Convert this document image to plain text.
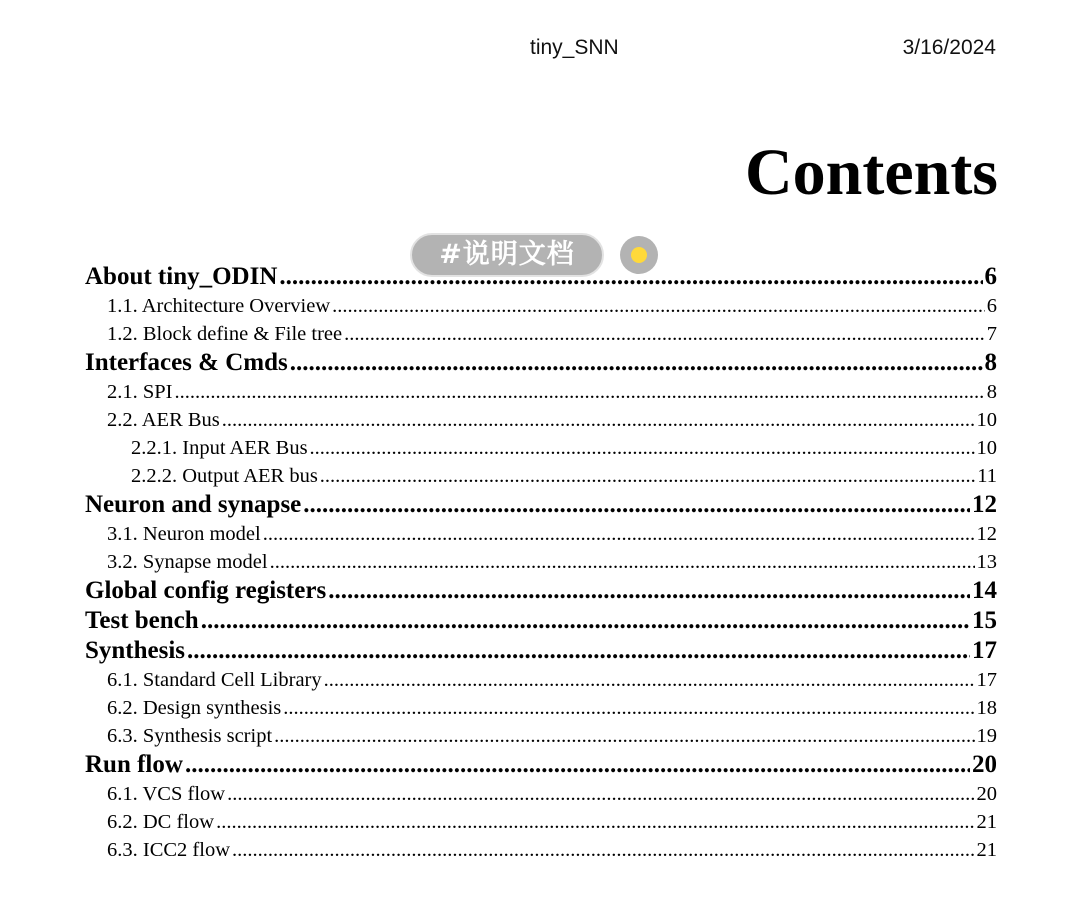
tiny_SNN	3/16/2024
Contents
About tiny_ODIN .....	6
1.1. Architecture Overview .....	6
1.2. Block define & File tree .....	7
Interfaces & Cmds .....	8
2.1. SPI .....	8
2.2. AER Bus .....	10
2.2.1. Input AER Bus .....	10
2.2.2. Output AER bus .....	11
Neuron and synapse .....	12
3.1. Neuron model .....	12
3.2. Synapse model .....	13
Global config registers .....	14
Test bench .....	15
Synthesis .....	17
6.1. Standard Cell Library .....	17
6.2. Design synthesis .....	18
6.3. Synthesis script .....	19
Run flow .....	20
6.1. VCS flow .....	20
6.2. DC flow .....	21
6.3. ICC2 flow .....	21
#说明文档
